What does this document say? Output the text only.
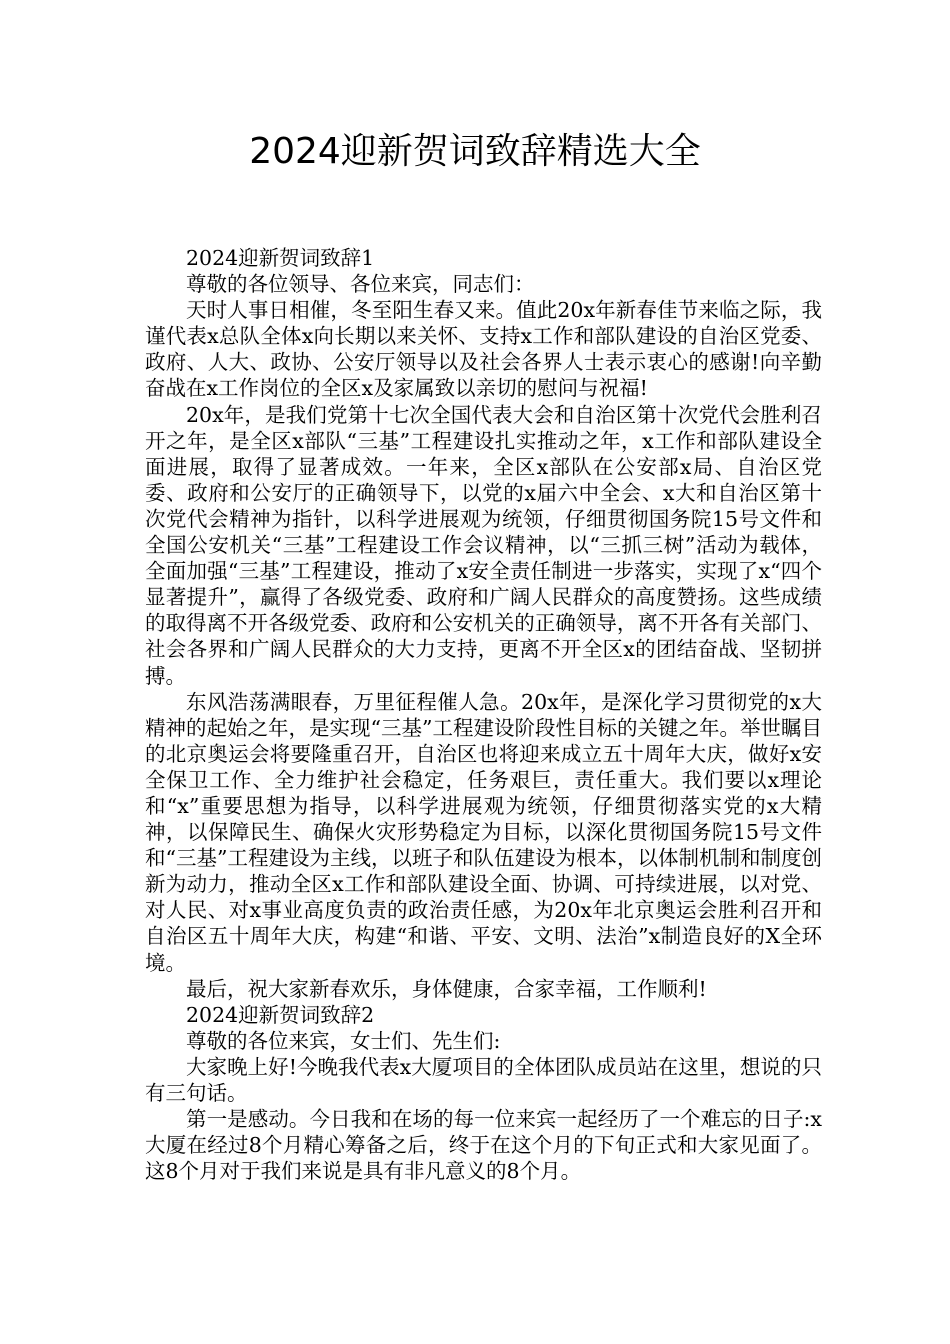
2024迎新贺词致辞精选大全

2024迎新贺词致辞1

尊敬的各位领导、各位来宾，同志们：

天时人事日相催，冬至阳生春又来。值此20x年新春佳节来临之际，我谨代表x总队全体x向长期以来关怀、支持x工作和部队建设的自治区党委、政府、人大、政协、公安厅领导以及社会各界人士表示衷心的感谢!向辛勤奋战在x工作岗位的全区x及家属致以亲切的慰问与祝福!

20x年，是我们党第十七次全国代表大会和自治区第十次党代会胜利召开之年，是全区x部队“三基”工程建设扎实推动之年，x工作和部队建设全面进展，取得了显著成效。一年来，全区x部队在公安部x局、自治区党委、政府和公安厅的正确领导下，以党的x届六中全会、x大和自治区第十次党代会精神为指针，以科学进展观为统领，仔细贯彻国务院15号文件和全国公安机关“三基”工程建设工作会议精神，以“三抓三树”活动为载体，全面加强“三基”工程建设，推动了x安全责任制进一步落实，实现了x“四个显著提升”，赢得了各级党委、政府和广阔人民群众的高度赞扬。这些成绩的取得离不开各级党委、政府和公安机关的正确领导，离不开各有关部门、社会各界和广阔人民群众的大力支持，更离不开全区x的团结奋战、坚韧拼搏。

东风浩荡满眼春，万里征程催人急。20x年，是深化学习贯彻党的x大精神的起始之年，是实现“三基”工程建设阶段性目标的关键之年。举世瞩目的北京奥运会将要隆重召开，自治区也将迎来成立五十周年大庆，做好x安全保卫工作、全力维护社会稳定，任务艰巨，责任重大。我们要以x理论和“x”重要思想为指导，以科学进展观为统领，仔细贯彻落实党的x大精神，以保障民生、确保火灾形势稳定为目标，以深化贯彻国务院15号文件和“三基”工程建设为主线，以班子和队伍建设为根本，以体制机制和制度创新为动力，推动全区x工作和部队建设全面、协调、可持续进展，以对党、对人民、对x事业高度负责的政治责任感，为20x年北京奥运会胜利召开和自治区五十周年大庆，构建“和谐、平安、文明、法治”x制造良好的X全环境。

最后，祝大家新春欢乐，身体健康，合家幸福，工作顺利!

2024迎新贺词致辞2

尊敬的各位来宾，女士们、先生们:

大家晚上好!今晚我代表x大厦项目的全体团队成员站在这里，想说的只有三句话。

第一是感动。今日我和在场的每一位来宾一起经历了一个难忘的日子:x大厦在经过8个月精心筹备之后，终于在这个月的下旬正式和大家见面了。这8个月对于我们来说是具有非凡意义的8个月。
